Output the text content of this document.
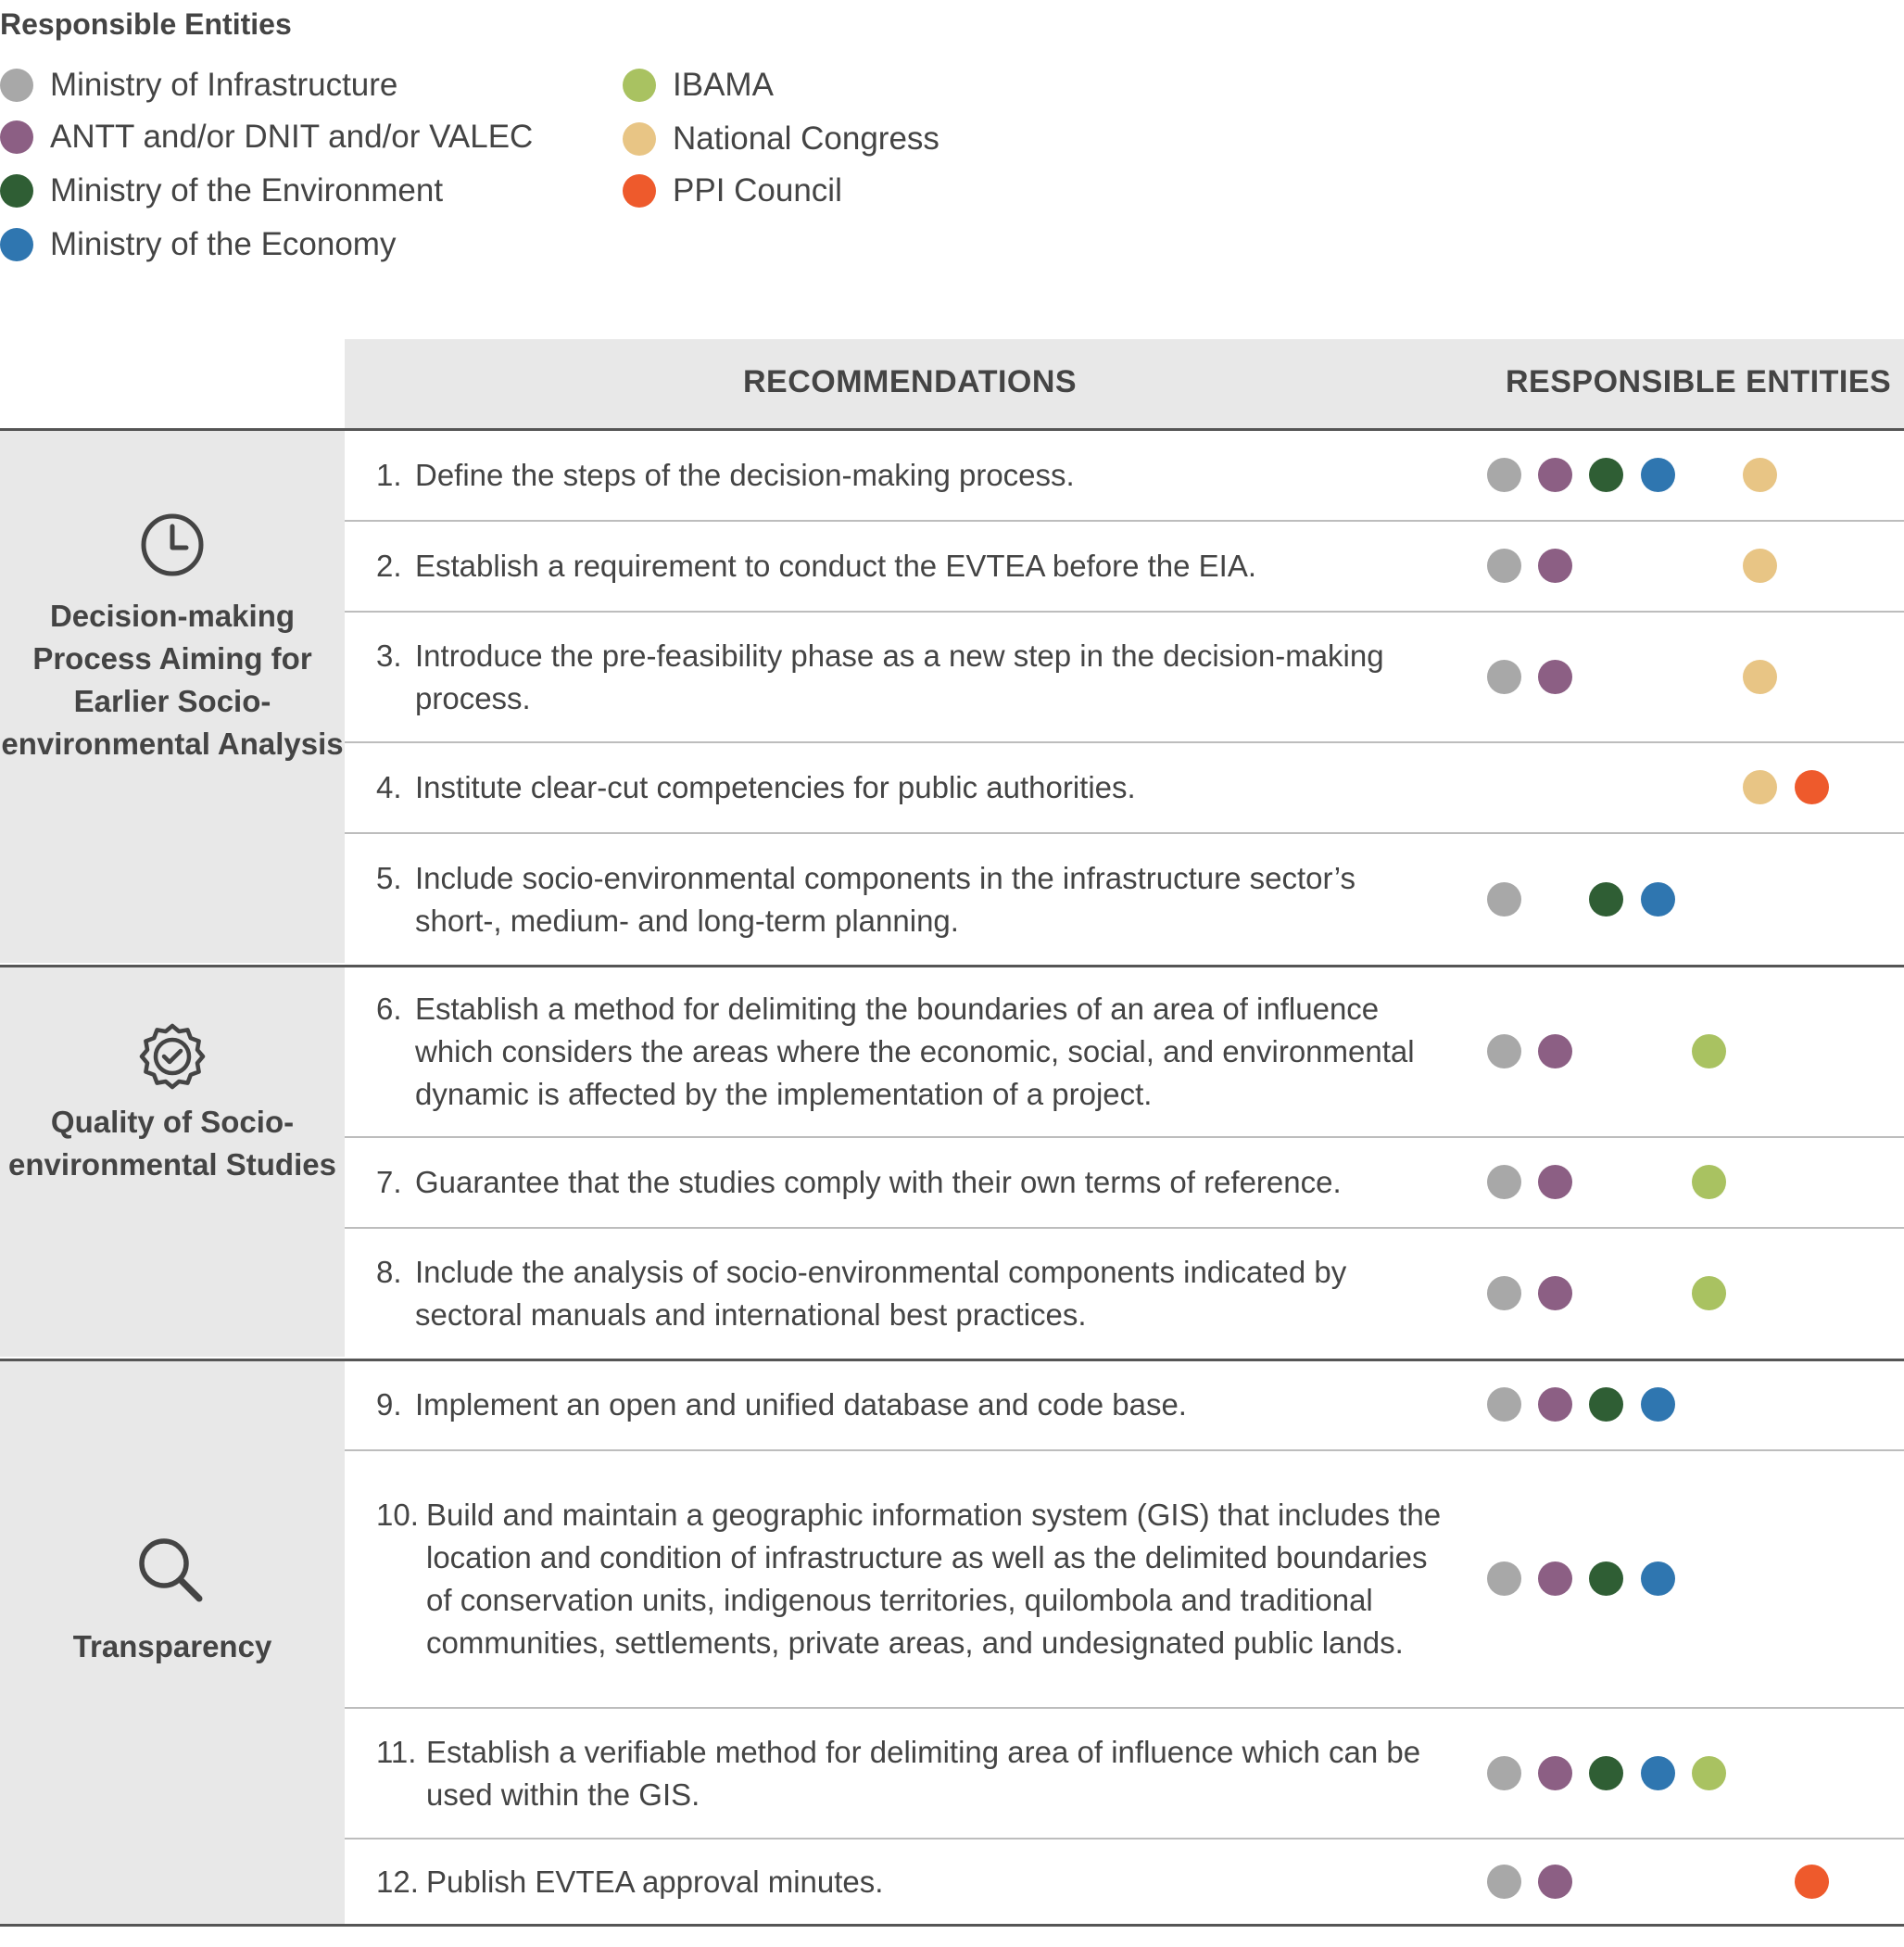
Responsible Entities
Ministry of Infrastructure
ANTT and/or DNIT and/or VALEC
Ministry of the Environment
Ministry of the Economy
IBAMA
National Congress
PPI Council
RECOMMENDATIONS	RESPONSIBLE ENTITIES
Decision-making Process Aiming for Earlier Socio-environmental Analysis
Quality of Socio-environmental Studies
Transparency
1. Define the steps of the decision-making process.
2. Establish a requirement to conduct the EVTEA before the EIA.
3. Introduce the pre-feasibility phase as a new step in the decision-making process.
4. Institute clear-cut competencies for public authorities.
5. Include socio-environmental components in the infrastructure sector’s short-, medium- and long-term planning.
6. Establish a method for delimiting the boundaries of an area of influence which considers the areas where the economic, social, and environmental dynamic is affected by the implementation of a project.
7. Guarantee that the studies comply with their own terms of reference.
8. Include the analysis of socio-environmental components indicated by sectoral manuals and international best practices.
9. Implement an open and unified database and code base.
10. Build and maintain a geographic information system (GIS) that includes the location and condition of infrastructure as well as the delimited boundaries of conservation units, indigenous territories, quilombola and traditional communities, settlements, private areas, and undesignated public lands.
11. Establish a verifiable method for delimiting area of influence which can be used within the GIS.
12. Publish EVTEA approval minutes.
